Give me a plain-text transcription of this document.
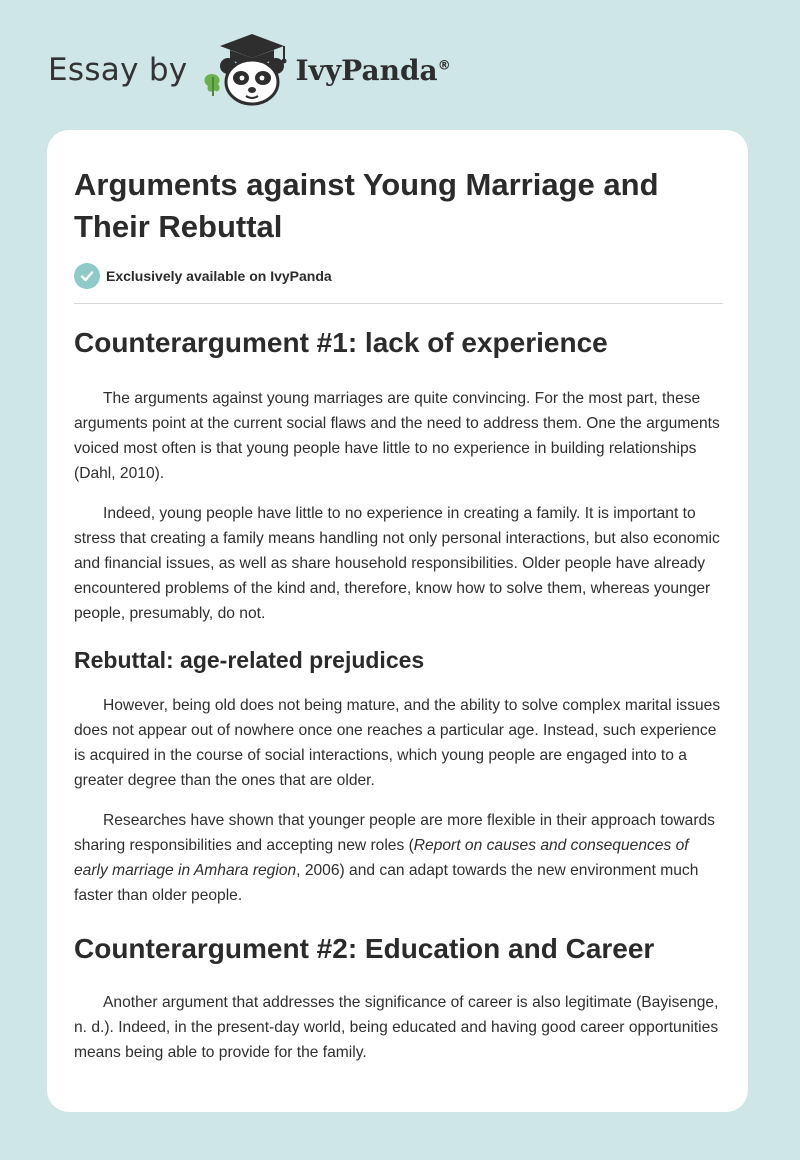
Essay by	IvyPanda®
Arguments against Young Marriage and Their Rebuttal
Exclusively available on IvyPanda
Counterargument #1: lack of experience

The arguments against young marriages are quite convincing. For the most part, these arguments point at the current social flaws and the need to address them. One the arguments voiced most often is that young people have little to no experience in building relationships (Dahl, 2010).

Indeed, young people have little to no experience in creating a family. It is important to stress that creating a family means handling not only personal interactions, but also economic and financial issues, as well as share household responsibilities. Older people have already encountered problems of the kind and, therefore, know how to solve them, whereas younger people, presumably, do not.

Rebuttal: age-related prejudices

However, being old does not being mature, and the ability to solve complex marital issues does not appear out of nowhere once one reaches a particular age. Instead, such experience is acquired in the course of social interactions, which young people are engaged into to a greater degree than the ones that are older.

Researches have shown that younger people are more flexible in their approach towards sharing responsibilities and accepting new roles (Report on causes and consequences of early marriage in Amhara region, 2006) and can adapt towards the new environment much faster than older people.

Counterargument #2: Education and Career

Another argument that addresses the significance of career is also legitimate (Bayisenge, n. d.). Indeed, in the present-day world, being educated and having good career opportunities means being able to provide for the family.
